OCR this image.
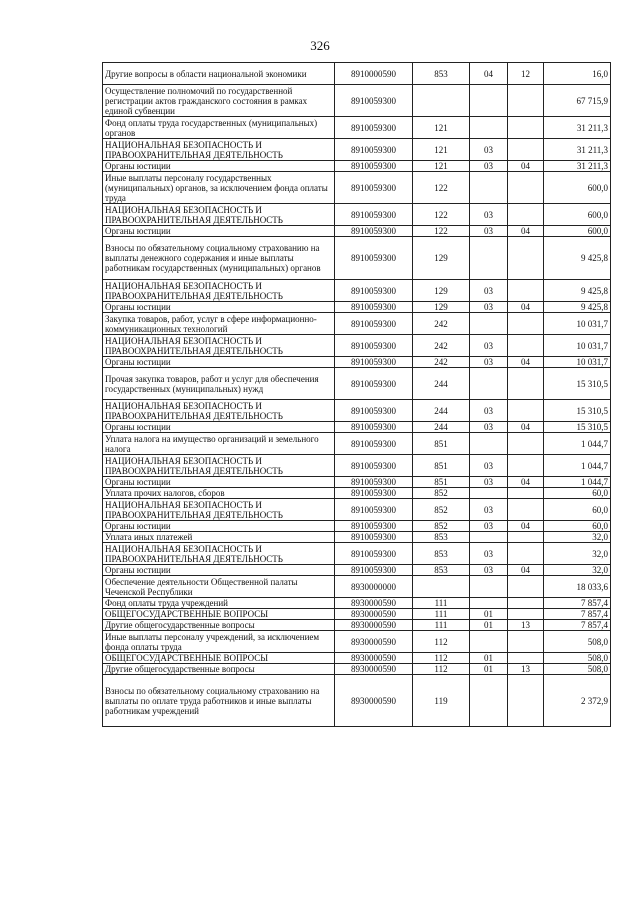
326
Другие вопросы в области национальной экономики	8910000590	853	04	12	16,0
Осуществление полномочий по государственной регистрации актов гражданского состояния в рамках единой субвенции	8910059300				67 715,9
Фонд оплаты труда государственных (муниципальных) органов	8910059300	121			31 211,3
НАЦИОНАЛЬНАЯ БЕЗОПАСНОСТЬ И ПРАВООХРАНИТЕЛЬНАЯ ДЕЯТЕЛЬНОСТЬ	8910059300	121	03		31 211,3
Органы юстиции	8910059300	121	03	04	31 211,3
Иные выплаты персоналу государственных (муниципальных) органов, за исключением фонда оплаты труда	8910059300	122			600,0
НАЦИОНАЛЬНАЯ БЕЗОПАСНОСТЬ И ПРАВООХРАНИТЕЛЬНАЯ ДЕЯТЕЛЬНОСТЬ	8910059300	122	03		600,0
Органы юстиции	8910059300	122	03	04	600,0
Взносы по обязательному социальному страхованию на выплаты денежного содержания и иные выплаты работникам государственных (муниципальных) органов	8910059300	129			9 425,8
НАЦИОНАЛЬНАЯ БЕЗОПАСНОСТЬ И ПРАВООХРАНИТЕЛЬНАЯ ДЕЯТЕЛЬНОСТЬ	8910059300	129	03		9 425,8
Органы юстиции	8910059300	129	03	04	9 425,8
Закупка товаров, работ, услуг в сфере информационно-коммуникационных технологий	8910059300	242			10 031,7
НАЦИОНАЛЬНАЯ БЕЗОПАСНОСТЬ И ПРАВООХРАНИТЕЛЬНАЯ ДЕЯТЕЛЬНОСТЬ	8910059300	242	03		10 031,7
Органы юстиции	8910059300	242	03	04	10 031,7
Прочая закупка товаров, работ и услуг для обеспечения государственных (муниципальных) нужд	8910059300	244			15 310,5
НАЦИОНАЛЬНАЯ БЕЗОПАСНОСТЬ И ПРАВООХРАНИТЕЛЬНАЯ ДЕЯТЕЛЬНОСТЬ	8910059300	244	03		15 310,5
Органы юстиции	8910059300	244	03	04	15 310,5
Уплата налога на имущество организаций и земельного налога	8910059300	851			1 044,7
НАЦИОНАЛЬНАЯ БЕЗОПАСНОСТЬ И ПРАВООХРАНИТЕЛЬНАЯ ДЕЯТЕЛЬНОСТЬ	8910059300	851	03		1 044,7
Органы юстиции	8910059300	851	03	04	1 044,7
Уплата прочих налогов, сборов	8910059300	852			60,0
НАЦИОНАЛЬНАЯ БЕЗОПАСНОСТЬ И ПРАВООХРАНИТЕЛЬНАЯ ДЕЯТЕЛЬНОСТЬ	8910059300	852	03		60,0
Органы юстиции	8910059300	852	03	04	60,0
Уплата иных платежей	8910059300	853			32,0
НАЦИОНАЛЬНАЯ БЕЗОПАСНОСТЬ И ПРАВООХРАНИТЕЛЬНАЯ ДЕЯТЕЛЬНОСТЬ	8910059300	853	03		32,0
Органы юстиции	8910059300	853	03	04	32,0
Обеспечение деятельности Общественной палаты Чеченской Республики	8930000000				18 033,6
Фонд оплаты труда учреждений	8930000590	111			7 857,4
ОБЩЕГОСУДАРСТВЕННЫЕ ВОПРОСЫ	8930000590	111	01		7 857,4
Другие общегосударственные вопросы	8930000590	111	01	13	7 857,4
Иные выплаты персоналу учреждений, за исключением фонда оплаты труда	8930000590	112			508,0
ОБЩЕГОСУДАРСТВЕННЫЕ ВОПРОСЫ	8930000590	112	01		508,0
Другие общегосударственные вопросы	8930000590	112	01	13	508,0
Взносы по обязательному социальному страхованию на выплаты по оплате труда работников и иные выплаты работникам учреждений	8930000590	119			2 372,9
